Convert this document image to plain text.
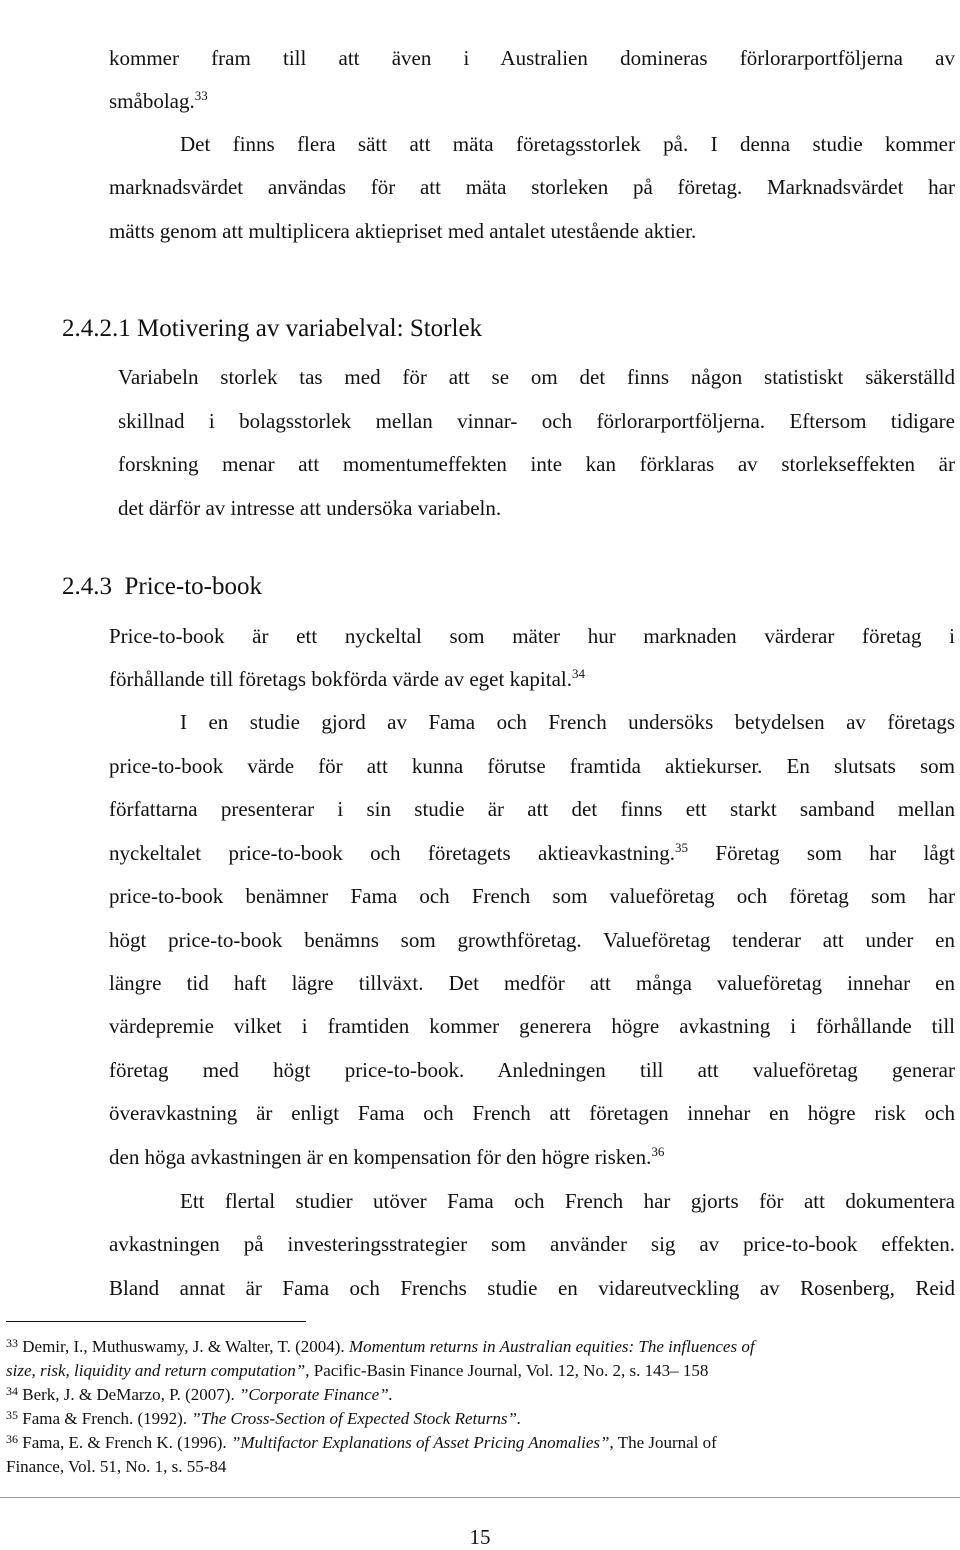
kommer fram till att även i Australien domineras förlorarportföljerna av
småbolag.$^{33}$
Det finns flera sätt att mäta företagsstorlek på. I denna studie kommer
marknadsvärdet användas för att mäta storleken på företag. Marknadsvärdet har
mätts genom att multiplicera aktiepriset med antalet utestående aktier.
2.4.2.1 Motivering av variabelval: Storlek
Variabeln storlek tas med för att se om det finns någon statistiskt säkerställd
skillnad i bolagsstorlek mellan vinnar- och förlorarportföljerna. Eftersom tidigare
forskning menar att momentumeffekten inte kan förklaras av storlekseffekten är
det därför av intresse att undersöka variabeln.
2.4.3  Price-to-book
Price-to-book är ett nyckeltal som mäter hur marknaden värderar företag i
förhållande till företags bokförda värde av eget kapital.$^{34}$
I en studie gjord av Fama och French undersöks betydelsen av företags
price-to-book värde för att kunna förutse framtida aktiekurser. En slutsats som
författarna presenterar i sin studie är att det finns ett starkt samband mellan
nyckeltalet price-to-book och företagets aktieavkastning.$^{35}$ Företag som har lågt
price-to-book benämner Fama och French som valueföretag och företag som har
högt price-to-book benämns som growthföretag. Valueföretag tenderar att under en
längre tid haft lägre tillväxt. Det medför att många valueföretag innehar en
värdepremie vilket i framtiden kommer generera högre avkastning i förhållande till
företag med högt price-to-book. Anledningen till att valueföretag generar
överavkastning är enligt Fama och French att företagen innehar en högre risk och
den höga avkastningen är en kompensation för den högre risken.$^{36}$
Ett flertal studier utöver Fama och French har gjorts för att dokumentera
avkastningen på investeringsstrategier som använder sig av price-to-book effekten.
Bland annat är Fama och Frenchs studie en vidareutveckling av Rosenberg, Reid
$^{33}$ Demir, I., Muthuswamy, J. & Walter, T. (2004). Momentum returns in Australian equities: The influences of
size, risk, liquidity and return computation”, Pacific-Basin Finance Journal, Vol. 12, No. 2, s. 143– 158
$^{34}$ Berk, J. & DeMarzo, P. (2007). ”Corporate Finance”.
$^{35}$ Fama & French. (1992). ”The Cross-Section of Expected Stock Returns”.
$^{36}$ Fama, E. & French K. (1996). ”Multifactor Explanations of Asset Pricing Anomalies”, The Journal of
Finance, Vol. 51, No. 1, s. 55-84
15
